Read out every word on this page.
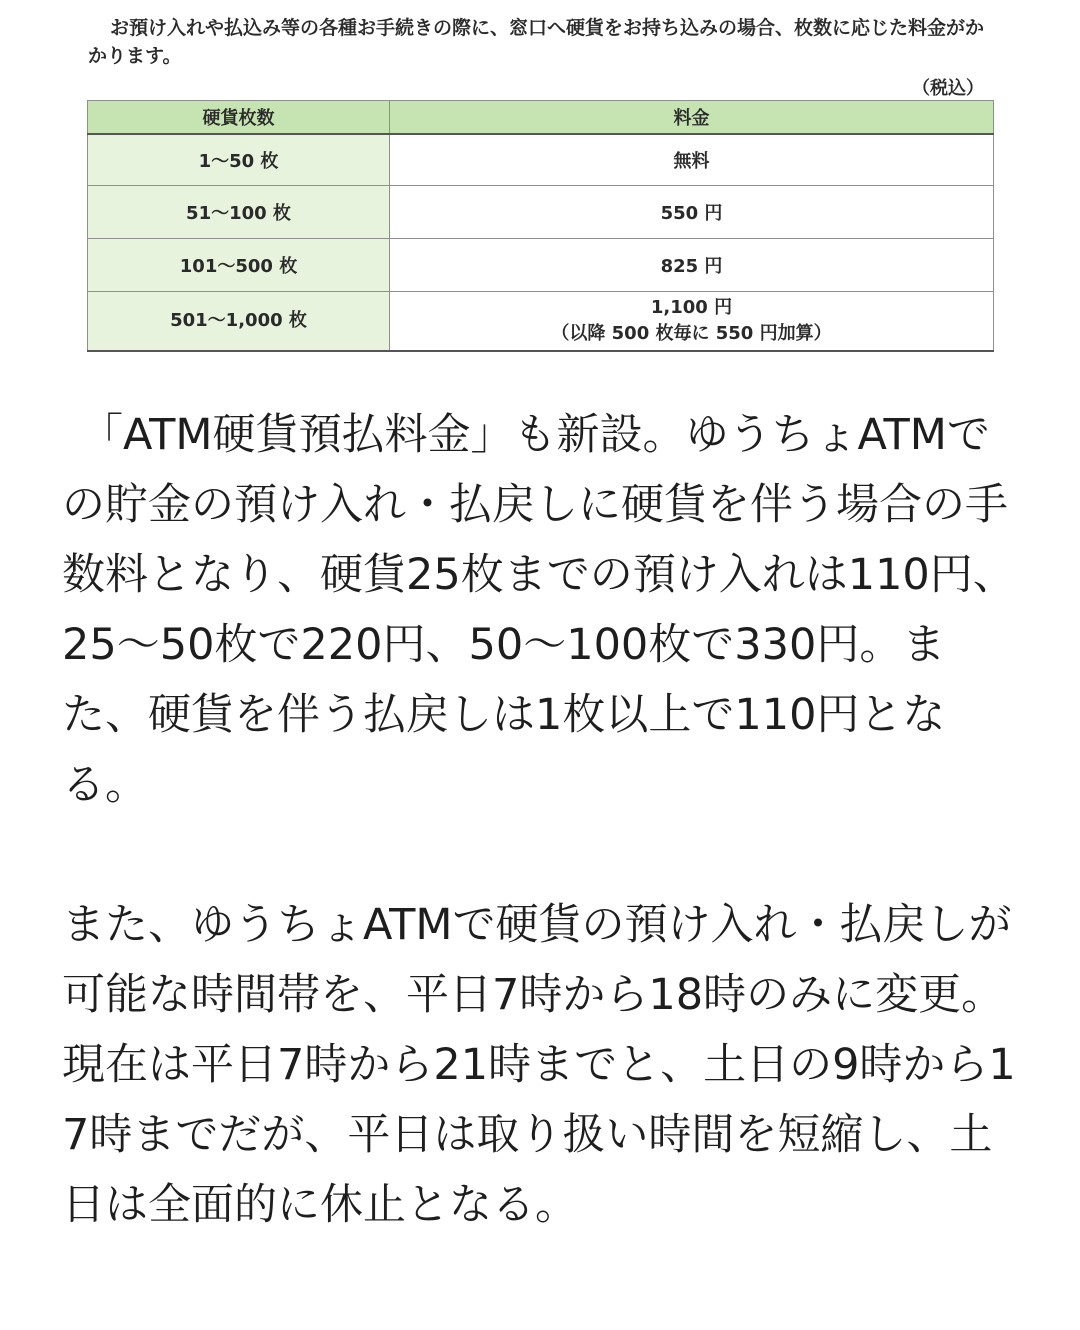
お預け入れや払込み等の各種お手続きの際に、窓口へ硬貨をお持ち込みの場合、枚数に応じた料金がかかります。
（税込）
硬貨枚数	料金
1～50 枚	無料
51～100 枚	550 円
101～500 枚	825 円
501～1,000 枚	1,100 円
（以降 500 枚毎に 550 円加算）

「ATM硬貨預払料金」も新設。ゆうちょATMでの貯金の預け入れ・払戻しに硬貨を伴う場合の手数料となり、硬貨25枚までの預け入れは110円、25～50枚で220円、50～100枚で330円。また、硬貨を伴う払戻しは1枚以上で110円となる。

また、ゆうちょATMで硬貨の預け入れ・払戻しが可能な時間帯を、平日7時から18時のみに変更。現在は平日7時から21時までと、土日の9時から17時までだが、平日は取り扱い時間を短縮し、土日は全面的に休止となる。
